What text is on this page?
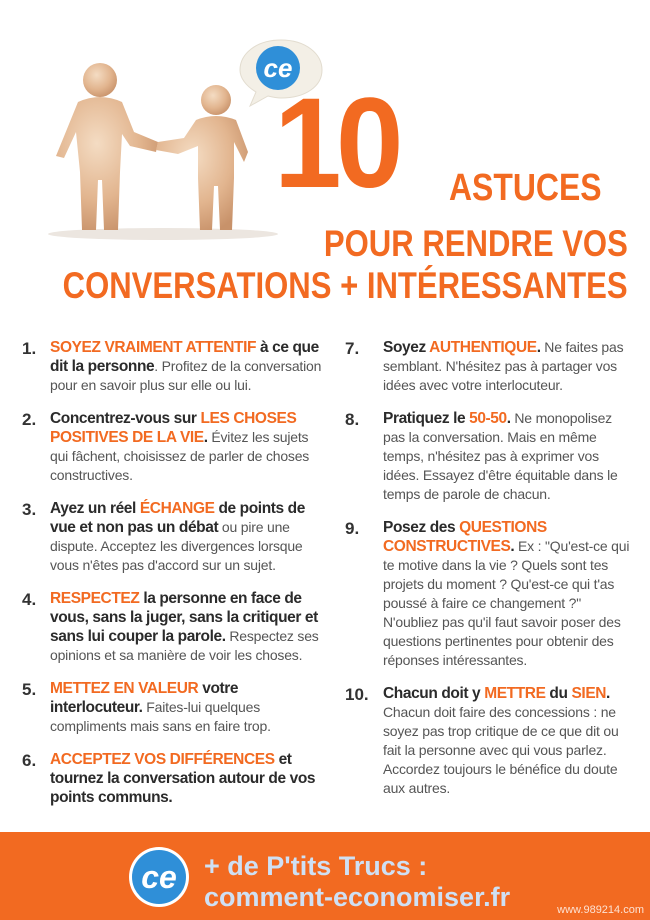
ce
10 ASTUCES
POUR RENDRE VOS
CONVERSATIONS + INTÉRESSANTES
1. SOYEZ VRAIMENT ATTENTIF à ce que dit la personne. Profitez de la conversation pour en savoir plus sur elle ou lui.
2. Concentrez-vous sur LES CHOSES POSITIVES DE LA VIE. Évitez les sujets qui fâchent, choisissez de parler de choses constructives.
3. Ayez un réel ÉCHANGE de points de vue et non pas un débat ou pire une dispute. Acceptez les divergences lorsque vous n'êtes pas d'accord sur un sujet.
4. RESPECTEZ la personne en face de vous, sans la juger, sans la critiquer et sans lui couper la parole. Respectez ses opinions et sa manière de voir les choses.
5. METTEZ EN VALEUR votre interlocuteur. Faites-lui quelques compliments mais sans en faire trop.
6. ACCEPTEZ VOS DIFFÉRENCES et tournez la conversation autour de vos points communs.
7. Soyez AUTHENTIQUE. Ne faites pas semblant. N'hésitez pas à partager vos idées avec votre interlocuteur.
8. Pratiquez le 50-50. Ne monopolisez pas la conversation. Mais en même temps, n'hésitez pas à exprimer vos idées. Essayez d'être équitable dans le temps de parole de chacun.
9. Posez des QUESTIONS CONSTRUCTIVES. Ex : "Qu'est-ce qui te motive dans la vie ? Quels sont tes projets du moment ? Qu'est-ce qui t'as poussé à faire ce changement ?" N'oubliez pas qu'il faut savoir poser des questions pertinentes pour obtenir des réponses intéressantes.
10. Chacun doit y METTRE du SIEN. Chacun doit faire des concessions : ne soyez pas trop critique de ce que dit ou fait la personne avec qui vous parlez. Accordez toujours le bénéfice du doute aux autres.
ce + de P'tits Trucs :
comment-economiser.fr	www.989214.com
